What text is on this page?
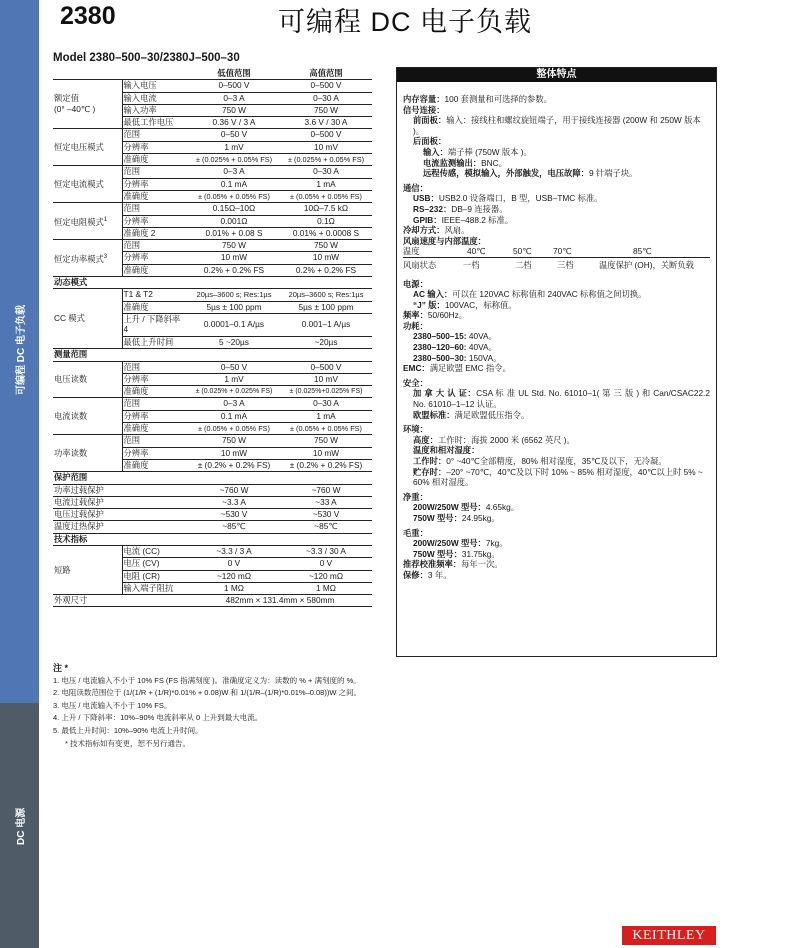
可编程 DC 电子负载
DC 电源
2380	可编程 DC 电子负载
Model 2380–500–30/2380J–500–30
		低值范围	高值范围
额定值
(0° –40℃ )	输入电压	0–500 V	0–500 V
	输入电流	0–3 A	0–30 A
	输入功率	750 W	750 W
	最低工作电压	0.36 V / 3 A	3.6 V / 30 A
恒定电压模式	范围	0–50 V	0–500 V
	分辨率	1 mV	10 mV
	准确度	± (0.025% + 0.05% FS)	± (0.025% + 0.05% FS)
恒定电流模式	范围	0–3 A	0–30 A
	分辨率	0.1 mA	1 mA
	准确度	± (0.05% + 0.05% FS)	± (0.05% + 0.05% FS)
恒定电阻模式$^1$	范围	0.15Ω–10Ω	10Ω–7.5 kΩ
	分辨率	0.001Ω	0.1Ω
	准确度 2	0.01% + 0.08 S	0.01% + 0.0008 S
恒定功率模式$^3$	范围	750 W	750 W
	分辨率	10 mW	10 mW
	准确度	0.2% + 0.2% FS	0.2% + 0.2% FS
动态模式			
CC 模式	T1 & T2	20µs–3600 s; Res:1µs	20µs–3600 s; Res:1µs
	准确度	5µs ± 100 ppm	5µs ± 100 ppm
	上升 / 下降斜率 4	0.0001–0.1 A/µs	0.001–1 A/µs
	最低上升时间	5 ~20µs	~20µs
测量范围			
电压读数	范围	0–50 V	0–500 V
	分辨率	1 mV	10 mV
	准确度	± (0.025% + 0.025% FS)	± (0.025%+0.025% FS)
电流读数	范围	0–3 A	0–30 A
	分辨率	0.1 mA	1 mA
	准确度	± (0.05% + 0.05% FS)	± (0.05% + 0.05% FS)
功率读数	范围	750 W	750 W
	分辨率	10 mW	10 mW
	准确度	± (0.2% + 0.2% FS)	± (0.2% + 0.2% FS)
保护范围			
功率过载保护		~760 W	~760 W
电流过载保护		~3.3 A	~33 A
电压过载保护		~530 V	~530 V
温度过热保护		~85℃	~85℃
技术指标			
短路	电流 (CC)	~3.3 / 3 A	~3.3 / 30 A
	电压 (CV)	0 V	0 V
	电阻 (CR)	~120 mΩ	~120 mΩ
	输入端子阻抗	1 MΩ	1 MΩ
外观尺寸		482mm × 131.4mm × 580mm	
整体特点

内存容量：100 套测量和可选择的参数。

信号连接：

前面板：输入：接线柱和螺纹旋钮端子，用于接线连接器 (200W 和 250W 版本 )。

后面板：

输入：端子棒 (750W 版本 )。

电流监测输出：BNC。

远程传感，模拟输入，外部触发，电压故障：9 针端子块。

通信：

USB：USB2.0 设备端口，B 型，USB–TMC 标准。

RS–232：DB–9 连接器。

GPIB：IEEE–488.2 标准。

冷却方式：风扇。

风扇速度与内部温度：

温度	40℃	50℃	70℃	85℃
风扇状态	一档	二档	三档	温度保护 (OH)，关断负载

电源：

AC 输入：可以在 120VAC 标称值和 240VAC 标称值之间切换。

“J” 版：100VAC，标称值。

频率：50/60Hz。

功耗：

2380–500–15: 40VA。

2380–120–60: 40VA。

2380–500–30: 150VA。

EMC：满足欧盟 EMC 指令。

安全：

加 拿 大 认 证：CSA 标 准 UL Std. No. 61010–1( 第 三 版 ) 和 Can/CSAC22.2 No. 61010–1–12 认证。

欧盟标准：满足欧盟低压指令。

环境：

高度：工作时：海拔 2000 米 (6562 英尺 )。

温度和相对湿度：

工作时：0° ~40℃全部精度，80% 相对湿度，35℃及以下，无冷凝。

贮存时：–20° ~70℃，40℃及以下时 10% ~ 85% 相对湿度，40℃以上时 5% ~ 60% 相对湿度。

净重：

200W/250W 型号：4.65kg。

750W 型号：24.95kg。

毛重：

200W/250W 型号：7kg。

750W 型号：31.75kg。

推荐校准频率：每年一次。

保修：3 年。

注 *

1. 电压 / 电流输入不小于 10% FS (FS 指满刻度 )。准确度定义为：读数的 % + 满刻度的 %。

2. 电阻读数范围位于 (1/(1/R + (1/R)*0.01% + 0.08)W 和 1/(1/R–(1/R)*0.01%–0.08))W 之间。

3. 电压 / 电流输入不小于 10% FS。

4. 上升 / 下降斜率：10%–90% 电流斜率从 0 上升到最大电流。

5. 最低上升时间：10%–90% 电流上升时间。

* 技术指标如有变更，恕不另行通告。

KEITHLEY
